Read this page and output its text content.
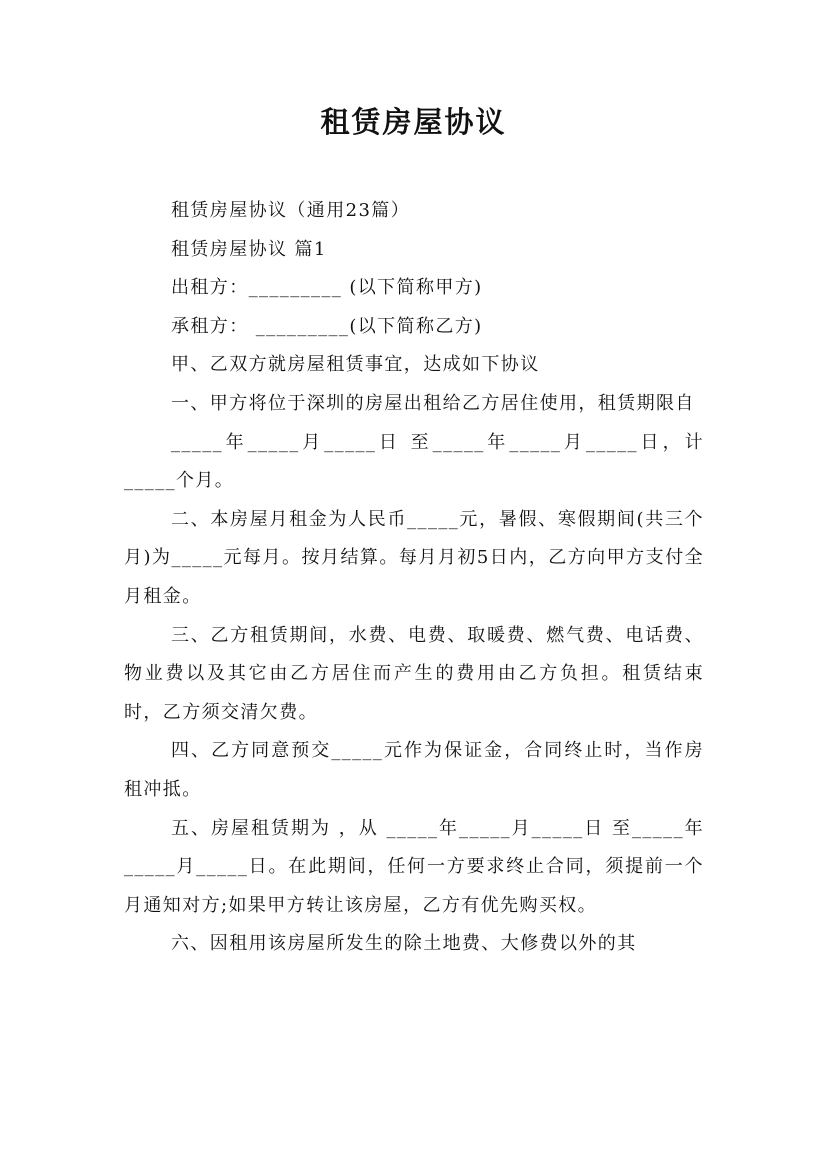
租赁房屋协议

租赁房屋协议（通用23篇）

租赁房屋协议 篇1

出租方：_________ (以下简称甲方)

承租方： _________(以下简称乙方)

甲、乙双方就房屋租赁事宜，达成如下协议

一、甲方将位于深圳的房屋出租给乙方居住使用，租赁期限自

_____年_____月_____日 至_____年_____月_____日，计_____个月。

二、本房屋月租金为人民币_____元，暑假、寒假期间(共三个月)为_____元每月。按月结算。每月月初5日内，乙方向甲方支付全月租金。

三、乙方租赁期间，水费、电费、取暖费、燃气费、电话费、物业费以及其它由乙方居住而产生的费用由乙方负担。租赁结束时，乙方须交清欠费。

四、乙方同意预交_____元作为保证金，合同终止时，当作房租冲抵。

五、房屋租赁期为 ，从 _____年_____月_____日 至_____年_____月_____日。在此期间，任何一方要求终止合同，须提前一个月通知对方;如果甲方转让该房屋，乙方有优先购买权。

六、因租用该房屋所发生的除土地费、大修费以外的其
